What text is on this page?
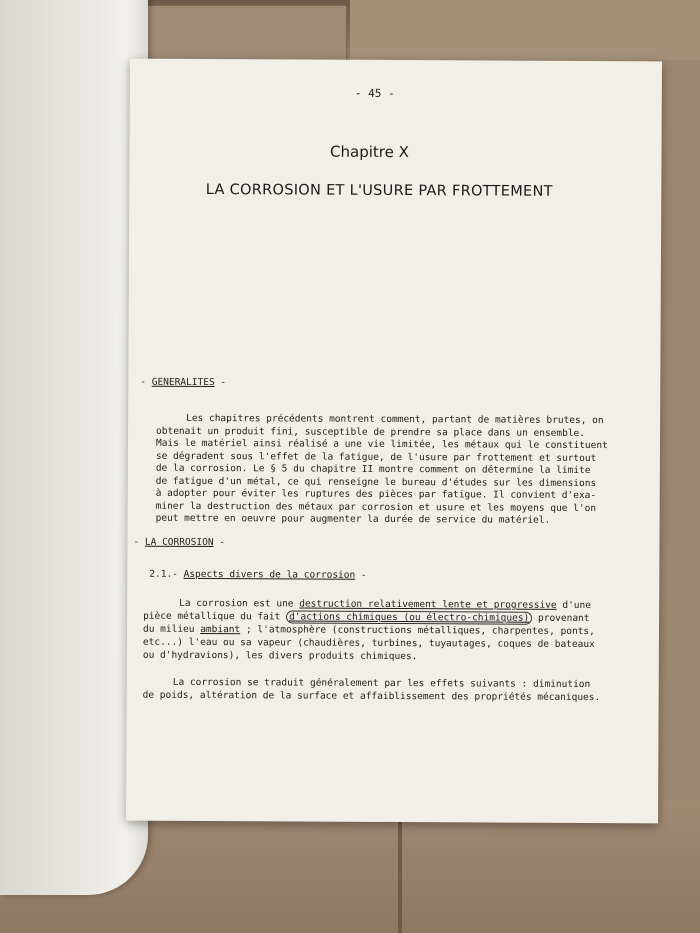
- 45 -
Chapitre X
LA CORROSION ET L'USURE PAR FROTTEMENT
- GENERALITES -
Les chapitres précédents montrent comment, partant de matières brutes, on
obtenait un produit fini, susceptible de prendre sa place dans un ensemble.
Mais le matériel ainsi réalisé a une vie limitée, les métaux qui le constituent
se dégradent sous l'effet de la fatigue, de l'usure par frottement et surtout
de la corrosion. Le § 5 du chapitre II montre comment on détermine la limite
de fatigue d'un métal, ce qui renseigne le bureau d'études sur les dimensions
à adopter pour éviter les ruptures des pièces par fatigue. Il convient d'exa-
miner la destruction des métaux par corrosion et usure et les moyens que l'on
peut mettre en oeuvre pour augmenter la durée de service du matériel.
- LA CORROSION -
2.1.- Aspects divers de la corrosion -
La corrosion est une destruction relativement lente et progressive d'une
pièce métallique du fait d'actions chimiques (ou électro-chimiques) provenant
du milieu ambiant ; l'atmosphère (constructions métalliques, charpentes, ponts,
etc...) l'eau ou sa vapeur (chaudières, turbines, tuyautages, coques de bateaux
ou d'hydravions), les divers produits chimiques.
La corrosion se traduit généralement par les effets suivants : diminution
de poids, altération de la surface et affaiblissement des propriétés mécaniques.
